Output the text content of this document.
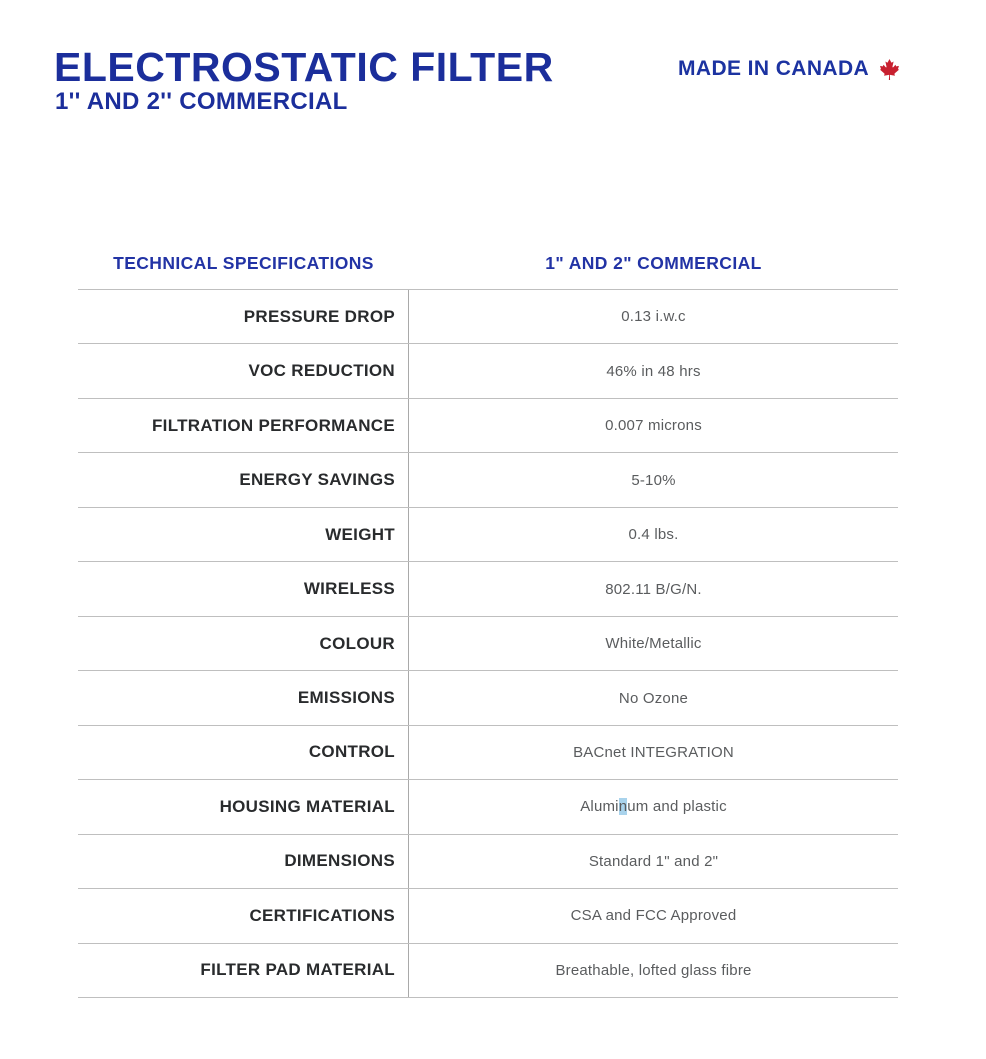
ELECTROSTATIC FILTER
1'' AND 2'' COMMERCIAL
MADE IN CANADA
TECHNICAL SPECIFICATIONS	1" AND 2" COMMERCIAL
PRESSURE DROP	0.13 i.w.c
VOC REDUCTION	46% in 48 hrs
FILTRATION PERFORMANCE	0.007 microns
ENERGY SAVINGS	5-10%
WEIGHT	0.4 lbs.
WIRELESS	802.11 B/G/N.
COLOUR	White/Metallic
EMISSIONS	No Ozone
CONTROL	BACnet INTEGRATION
HOUSING MATERIAL	Alumi n um and plastic
DIMENSIONS	Standard 1" and 2"
CERTIFICATIONS	CSA and FCC Approved
FILTER PAD MATERIAL	Breathable, lofted glass fibre
